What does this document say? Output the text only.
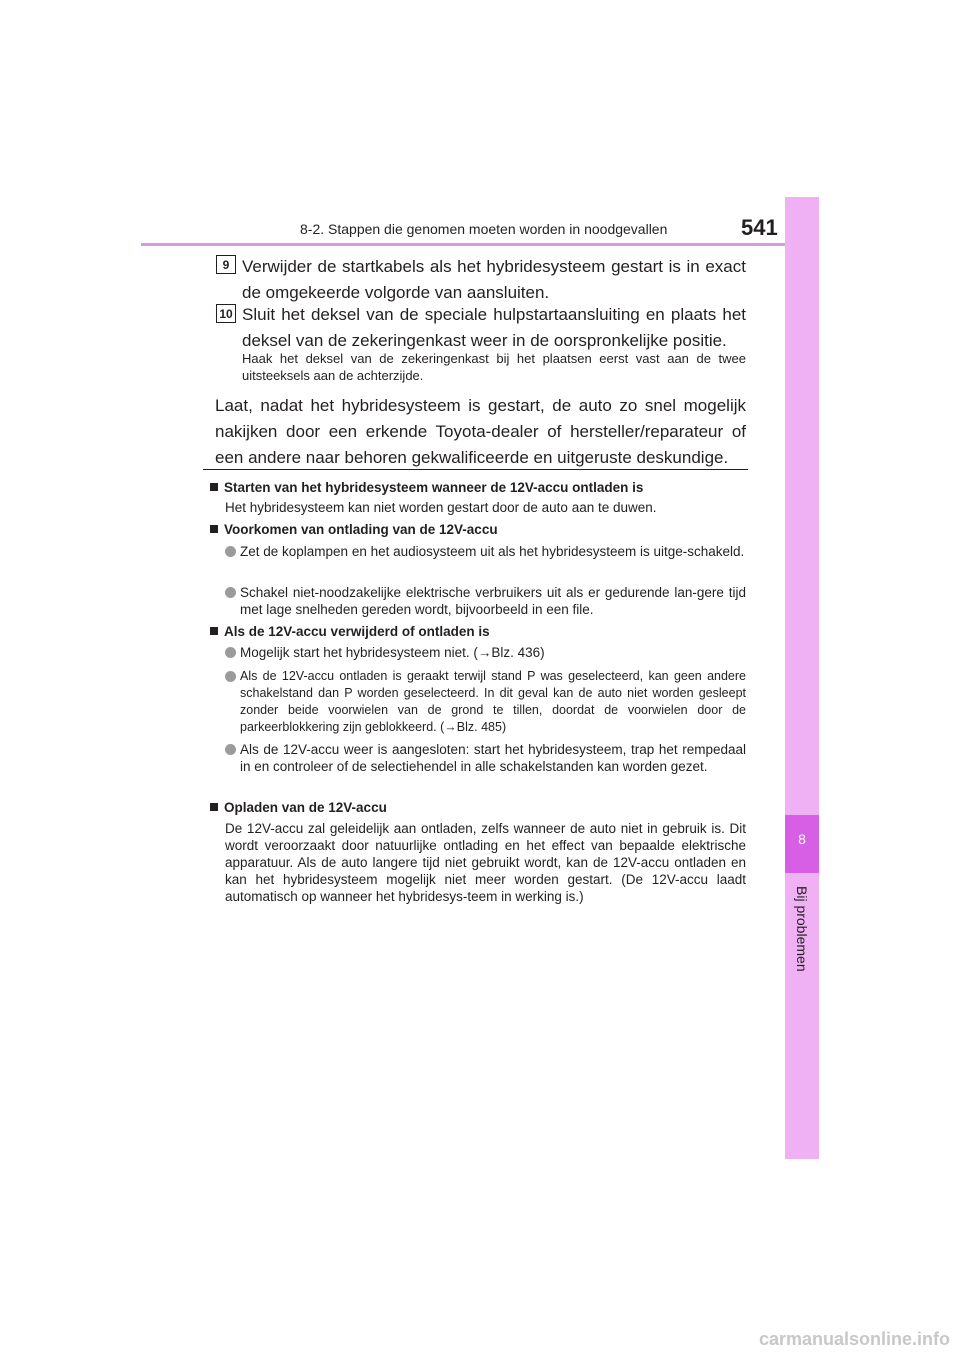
8-2. Stappen die genomen moeten worden in noodgevallen	541
8
Bij problemen
9 Verwijder de startkabels als het hybridesysteem gestart is in exact de omgekeerde volgorde van aansluiten.
10 Sluit het deksel van de speciale hulpstartaansluiting en plaats het deksel van de zekeringenkast weer in de oorspronkelijke positie.
Haak het deksel van de zekeringenkast bij het plaatsen eerst vast aan de twee uitsteeksels aan de achterzijde.
Laat, nadat het hybridesysteem is gestart, de auto zo snel mogelijk nakijken door een erkende Toyota-dealer of hersteller/reparateur of een andere naar behoren gekwalificeerde en uitgeruste deskundige.
Starten van het hybridesysteem wanneer de 12V-accu ontladen is
Het hybridesysteem kan niet worden gestart door de auto aan te duwen.
Voorkomen van ontlading van de 12V-accu
Zet de koplampen en het audiosysteem uit als het hybridesysteem is uitge-schakeld.
Schakel niet-noodzakelijke elektrische verbruikers uit als er gedurende lan-gere tijd met lage snelheden gereden wordt, bijvoorbeeld in een file.
Als de 12V-accu verwijderd of ontladen is
Mogelijk start het hybridesysteem niet. (→Blz. 436)
Als de 12V-accu ontladen is geraakt terwijl stand P was geselecteerd, kan geen andere schakelstand dan P worden geselecteerd. In dit geval kan de auto niet worden gesleept zonder beide voorwielen van de grond te tillen, doordat de voorwielen door de parkeerblokkering zijn geblokkeerd. (→Blz. 485)
Als de 12V-accu weer is aangesloten: start het hybridesysteem, trap het rempedaal in en controleer of de selectiehendel in alle schakelstanden kan worden gezet.
Opladen van de 12V-accu
De 12V-accu zal geleidelijk aan ontladen, zelfs wanneer de auto niet in gebruik is. Dit wordt veroorzaakt door natuurlijke ontlading en het effect van bepaalde elektrische apparatuur. Als de auto langere tijd niet gebruikt wordt, kan de 12V-accu ontladen en kan het hybridesysteem mogelijk niet meer worden gestart. (De 12V-accu laadt automatisch op wanneer het hybridesys-teem in werking is.)
carmanualsonline.info
